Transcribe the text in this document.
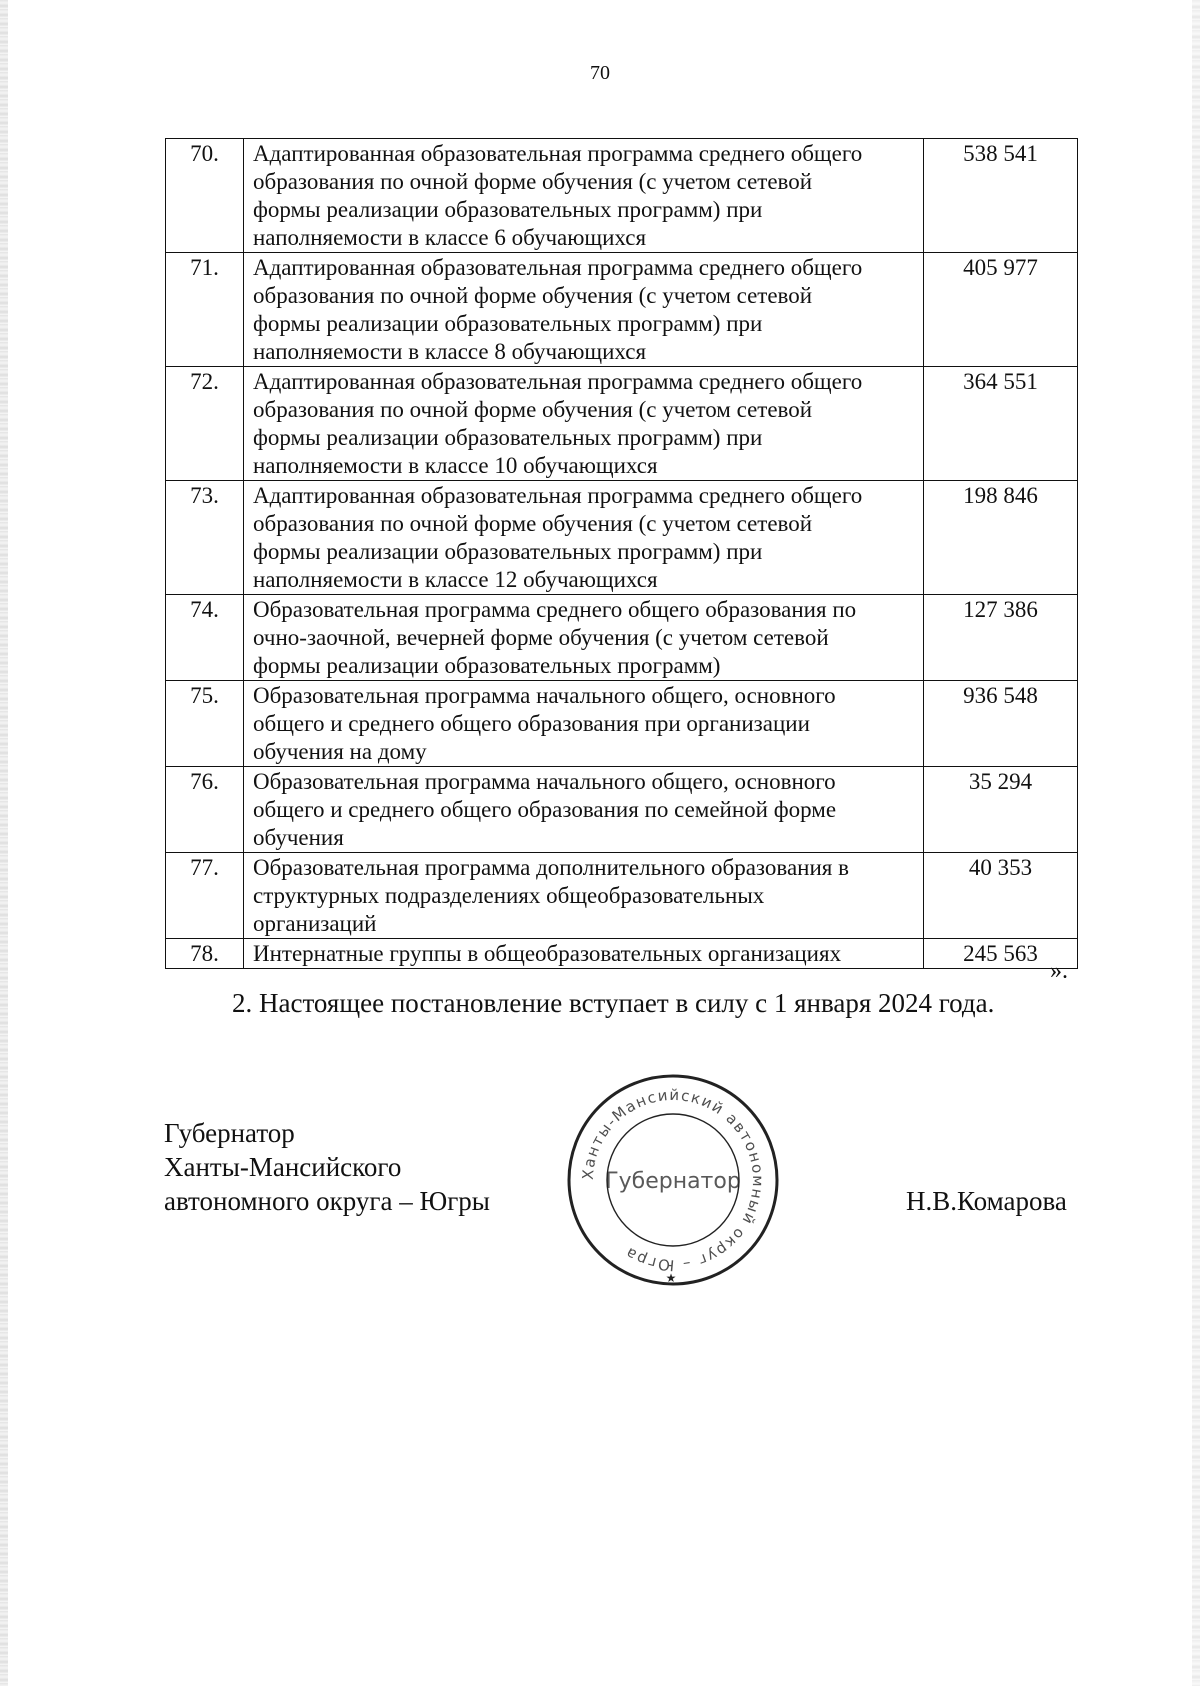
70
70.	Адаптированная образовательная программа среднего общего
образования по очной форме обучения (с учетом сетевой
формы реализации образовательных программ) при
наполняемости в классе 6 обучающихся	538 541
71.	Адаптированная образовательная программа среднего общего
образования по очной форме обучения (с учетом сетевой
формы реализации образовательных программ) при
наполняемости в классе 8 обучающихся	405 977
72.	Адаптированная образовательная программа среднего общего
образования по очной форме обучения (с учетом сетевой
формы реализации образовательных программ) при
наполняемости в классе 10 обучающихся	364 551
73.	Адаптированная образовательная программа среднего общего
образования по очной форме обучения (с учетом сетевой
формы реализации образовательных программ) при
наполняемости в классе 12 обучающихся	198 846
74.	Образовательная программа среднего общего образования по
очно-заочной, вечерней форме обучения (с учетом сетевой
формы реализации образовательных программ)	127 386
75.	Образовательная программа начального общего, основного
общего и среднего общего образования при организации
обучения на дому	936 548
76.	Образовательная программа начального общего, основного
общего и среднего общего образования по семейной форме
обучения	35 294
77.	Образовательная программа дополнительного образования в
структурных подразделениях общеобразовательных
организаций	40 353
78.	Интернатные группы в общеобразовательных организациях	245 563
».
2. Настоящее постановление вступает в силу с 1 января 2024 года.
Губернатор
Ханты-Мансийского
автономного округа – Югры
Ханты-Мансийский автономный округ – Югра
Губернатор
★
Н.В.Комарова
